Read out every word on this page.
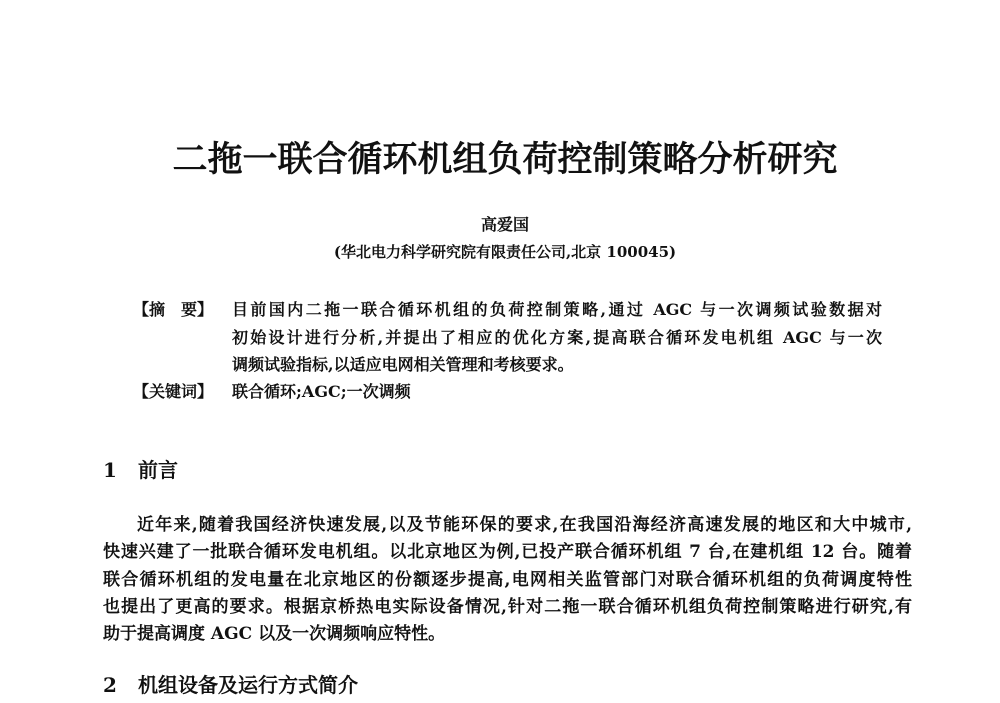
二拖一联合循环机组负荷控制策略分析研究
高爱国
(华北电力科学研究院有限责任公司,北京 100045)
【摘　要】 目前国内二拖一联合循环机组的负荷控制策略,通过 AGC 与一次调频试验数据对
初始设计进行分析,并提出了相应的优化方案,提高联合循环发电机组 AGC 与一次
调频试验指标,以适应电网相关管理和考核要求。
【关键词】 联合循环;AGC;一次调频
1 前言
近年来,随着我国经济快速发展,以及节能环保的要求,在我国沿海经济高速发展的地区和大中城市,
快速兴建了一批联合循环发电机组。以北京地区为例,已投产联合循环机组 7 台,在建机组 12 台。随着
联合循环机组的发电量在北京地区的份额逐步提高,电网相关监管部门对联合循环机组的负荷调度特性
也提出了更高的要求。根据京桥热电实际设备情况,针对二拖一联合循环机组负荷控制策略进行研究,有
助于提高调度 AGC 以及一次调频响应特性。
2 机组设备及运行方式简介
